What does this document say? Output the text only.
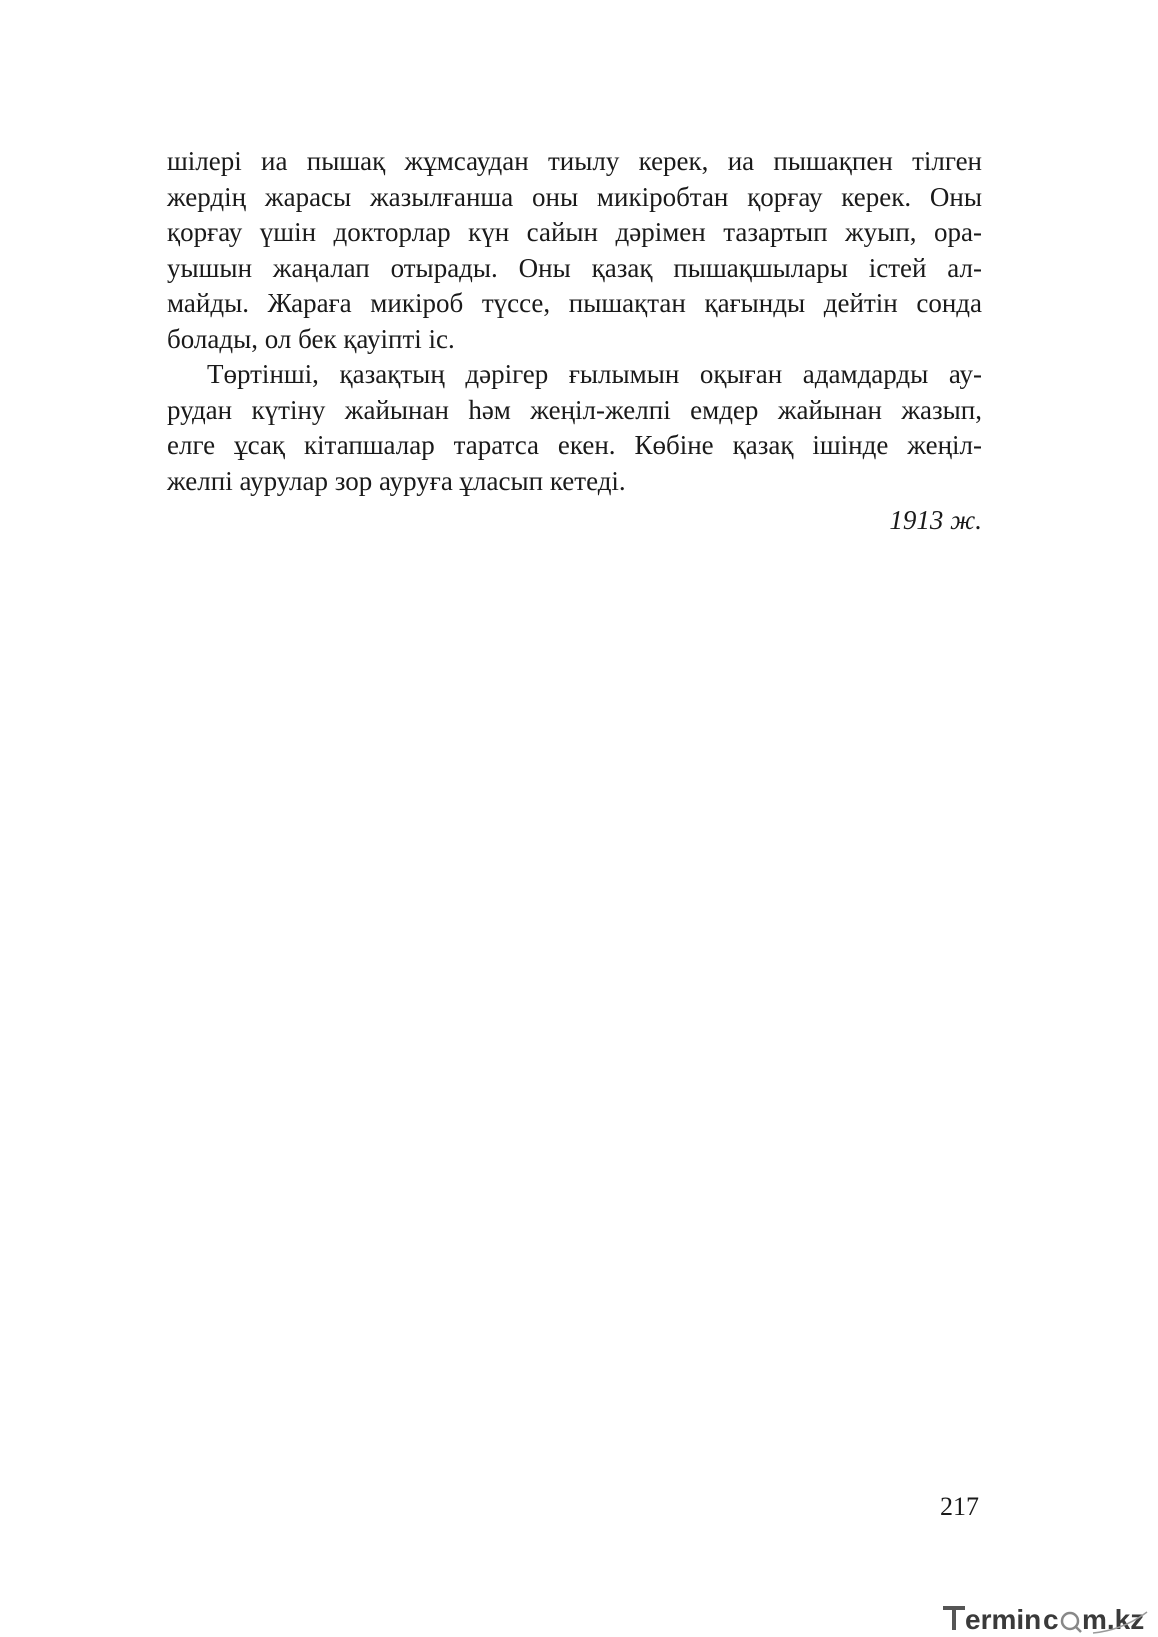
шілері иа пышақ жұмсаудан тиылу керек, иа пышақпен тілген
жердің жарасы жазылғанша оны микіробтан қорғау керек. Оны
қорғау үшін докторлар күн сайын дәрімен тазартып жуып, ора-
уышын жаңалап отырады. Оны қазақ пышақшылары істей ал-
майды. Жараға микіроб түссе, пышақтан қағынды дейтін сонда
болады, ол бек қауіпті іс.
Төртінші, қазақтың дәрігер ғылымын оқыған адамдарды ау-
рудан күтіну жайынан һәм жеңіл-желпі емдер жайынан жазып,
елге ұсақ кітапшалар таратса екен. Көбіне қазақ ішінде жеңіл-
желпі аурулар зор ауруға ұласып кетеді.
1913 ж.
217
ermin c m.kz
